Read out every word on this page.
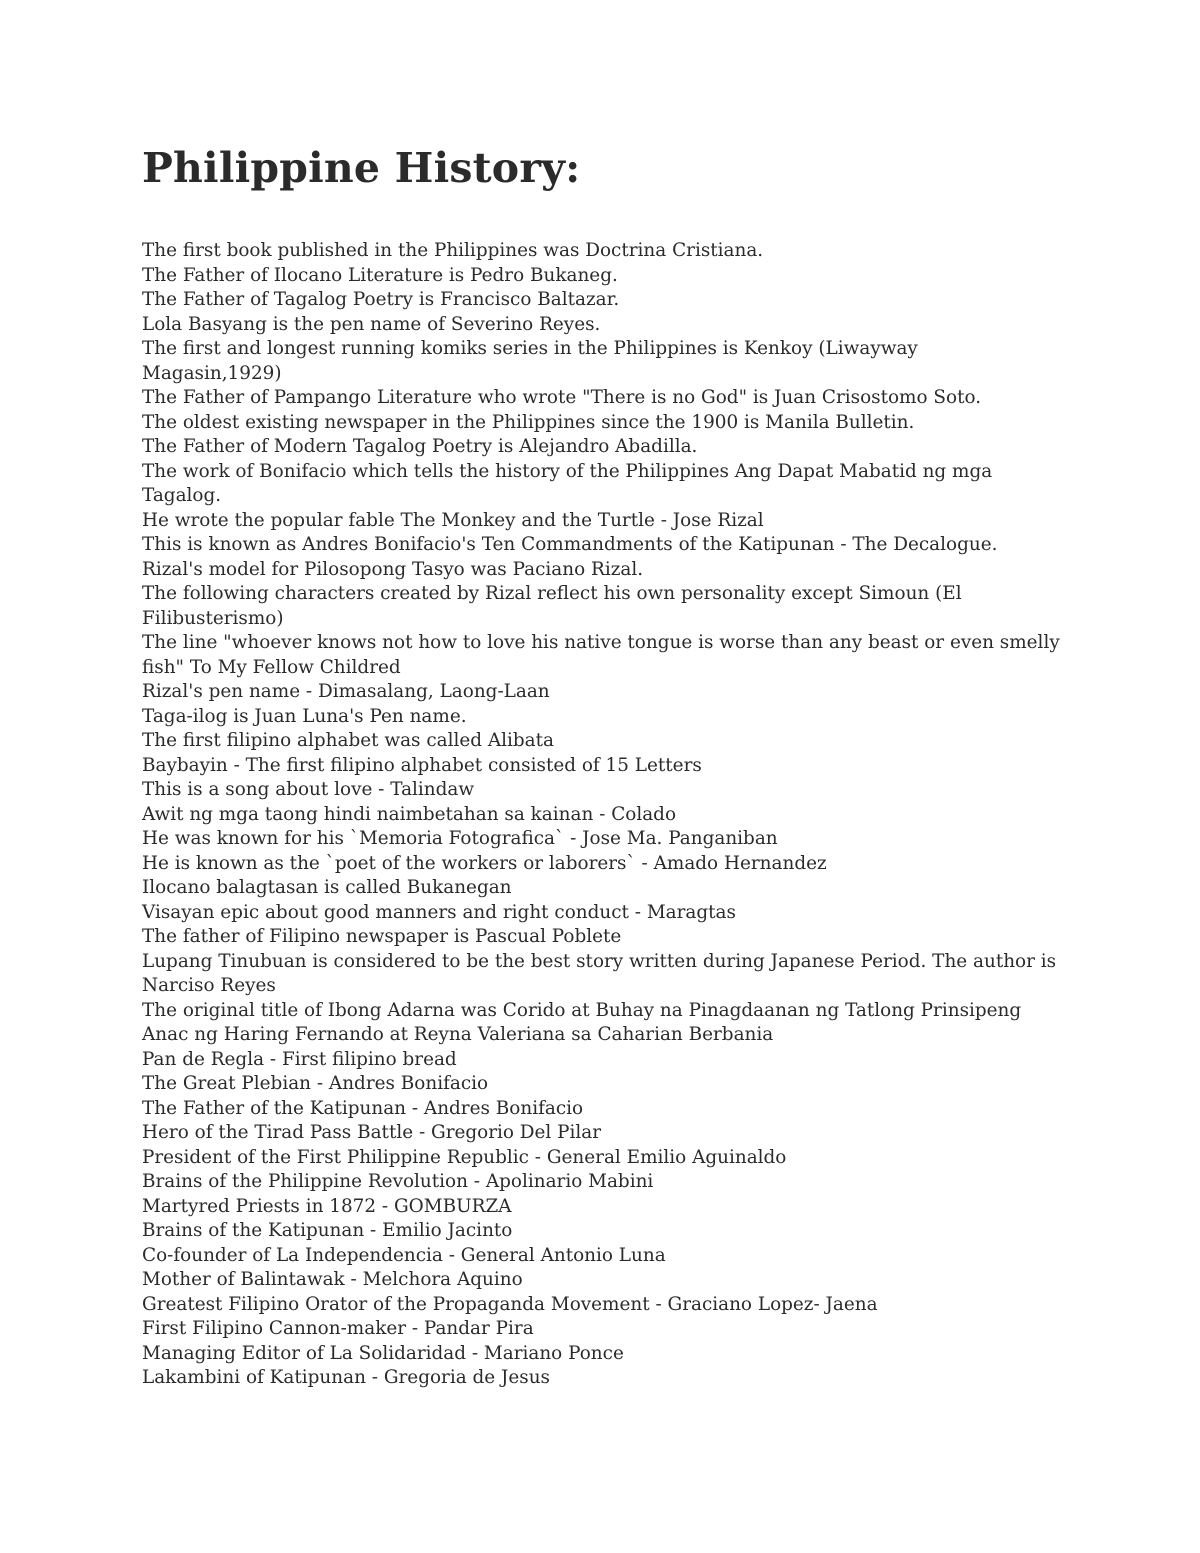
Philippine History:
The first book published in the Philippines was Doctrina Cristiana.
The Father of Ilocano Literature is Pedro Bukaneg.
The Father of Tagalog Poetry is Francisco Baltazar.
Lola Basyang is the pen name of Severino Reyes.
The first and longest running komiks series in the Philippines is Kenkoy (Liwayway Magasin,1929)
The Father of Pampango Literature who wrote "There is no God" is Juan Crisostomo Soto.
The oldest existing newspaper in the Philippines since the 1900 is Manila Bulletin.
The Father of Modern Tagalog Poetry is Alejandro Abadilla.
The work of Bonifacio which tells the history of the Philippines Ang Dapat Mabatid ng mga Tagalog.
He wrote the popular fable The Monkey and the Turtle - Jose Rizal
This is known as Andres Bonifacio's Ten Commandments of the Katipunan - The Decalogue.
Rizal's model for Pilosopong Tasyo was Paciano Rizal.
The following characters created by Rizal reflect his own personality except Simoun (El Filibusterismo)
The line "whoever knows not how to love his native tongue is worse than any beast or even smelly fish" To My Fellow Childred
Rizal's pen name - Dimasalang, Laong-Laan
Taga-ilog is Juan Luna's Pen name.
The first filipino alphabet was called Alibata
Baybayin - The first filipino alphabet consisted of 15 Letters
This is a song about love - Talindaw
Awit ng mga taong hindi naimbetahan sa kainan - Colado
He was known for his `Memoria Fotografica` - Jose Ma. Panganiban
He is known as the `poet of the workers or laborers` - Amado Hernandez
Ilocano balagtasan is called Bukanegan
Visayan epic about good manners and right conduct - Maragtas
The father of Filipino newspaper is Pascual Poblete
Lupang Tinubuan is considered to be the best story written during Japanese Period. The author is Narciso Reyes
The original title of Ibong Adarna was Corido at Buhay na Pinagdaanan ng Tatlong Prinsipeng Anac ng Haring Fernando at Reyna Valeriana sa Caharian Berbania
Pan de Regla - First filipino bread
The Great Plebian - Andres Bonifacio
The Father of the Katipunan - Andres Bonifacio
Hero of the Tirad Pass Battle - Gregorio Del Pilar
President of the First Philippine Republic - General Emilio Aguinaldo
Brains of the Philippine Revolution - Apolinario Mabini
Martyred Priests in 1872 - GOMBURZA
Brains of the Katipunan - Emilio Jacinto
Co-founder of La Independencia - General Antonio Luna
Mother of Balintawak - Melchora Aquino
Greatest Filipino Orator of the Propaganda Movement - Graciano Lopez- Jaena
First Filipino Cannon-maker - Pandar Pira
Managing Editor of La Solidaridad - Mariano Ponce
Lakambini of Katipunan - Gregoria de Jesus
